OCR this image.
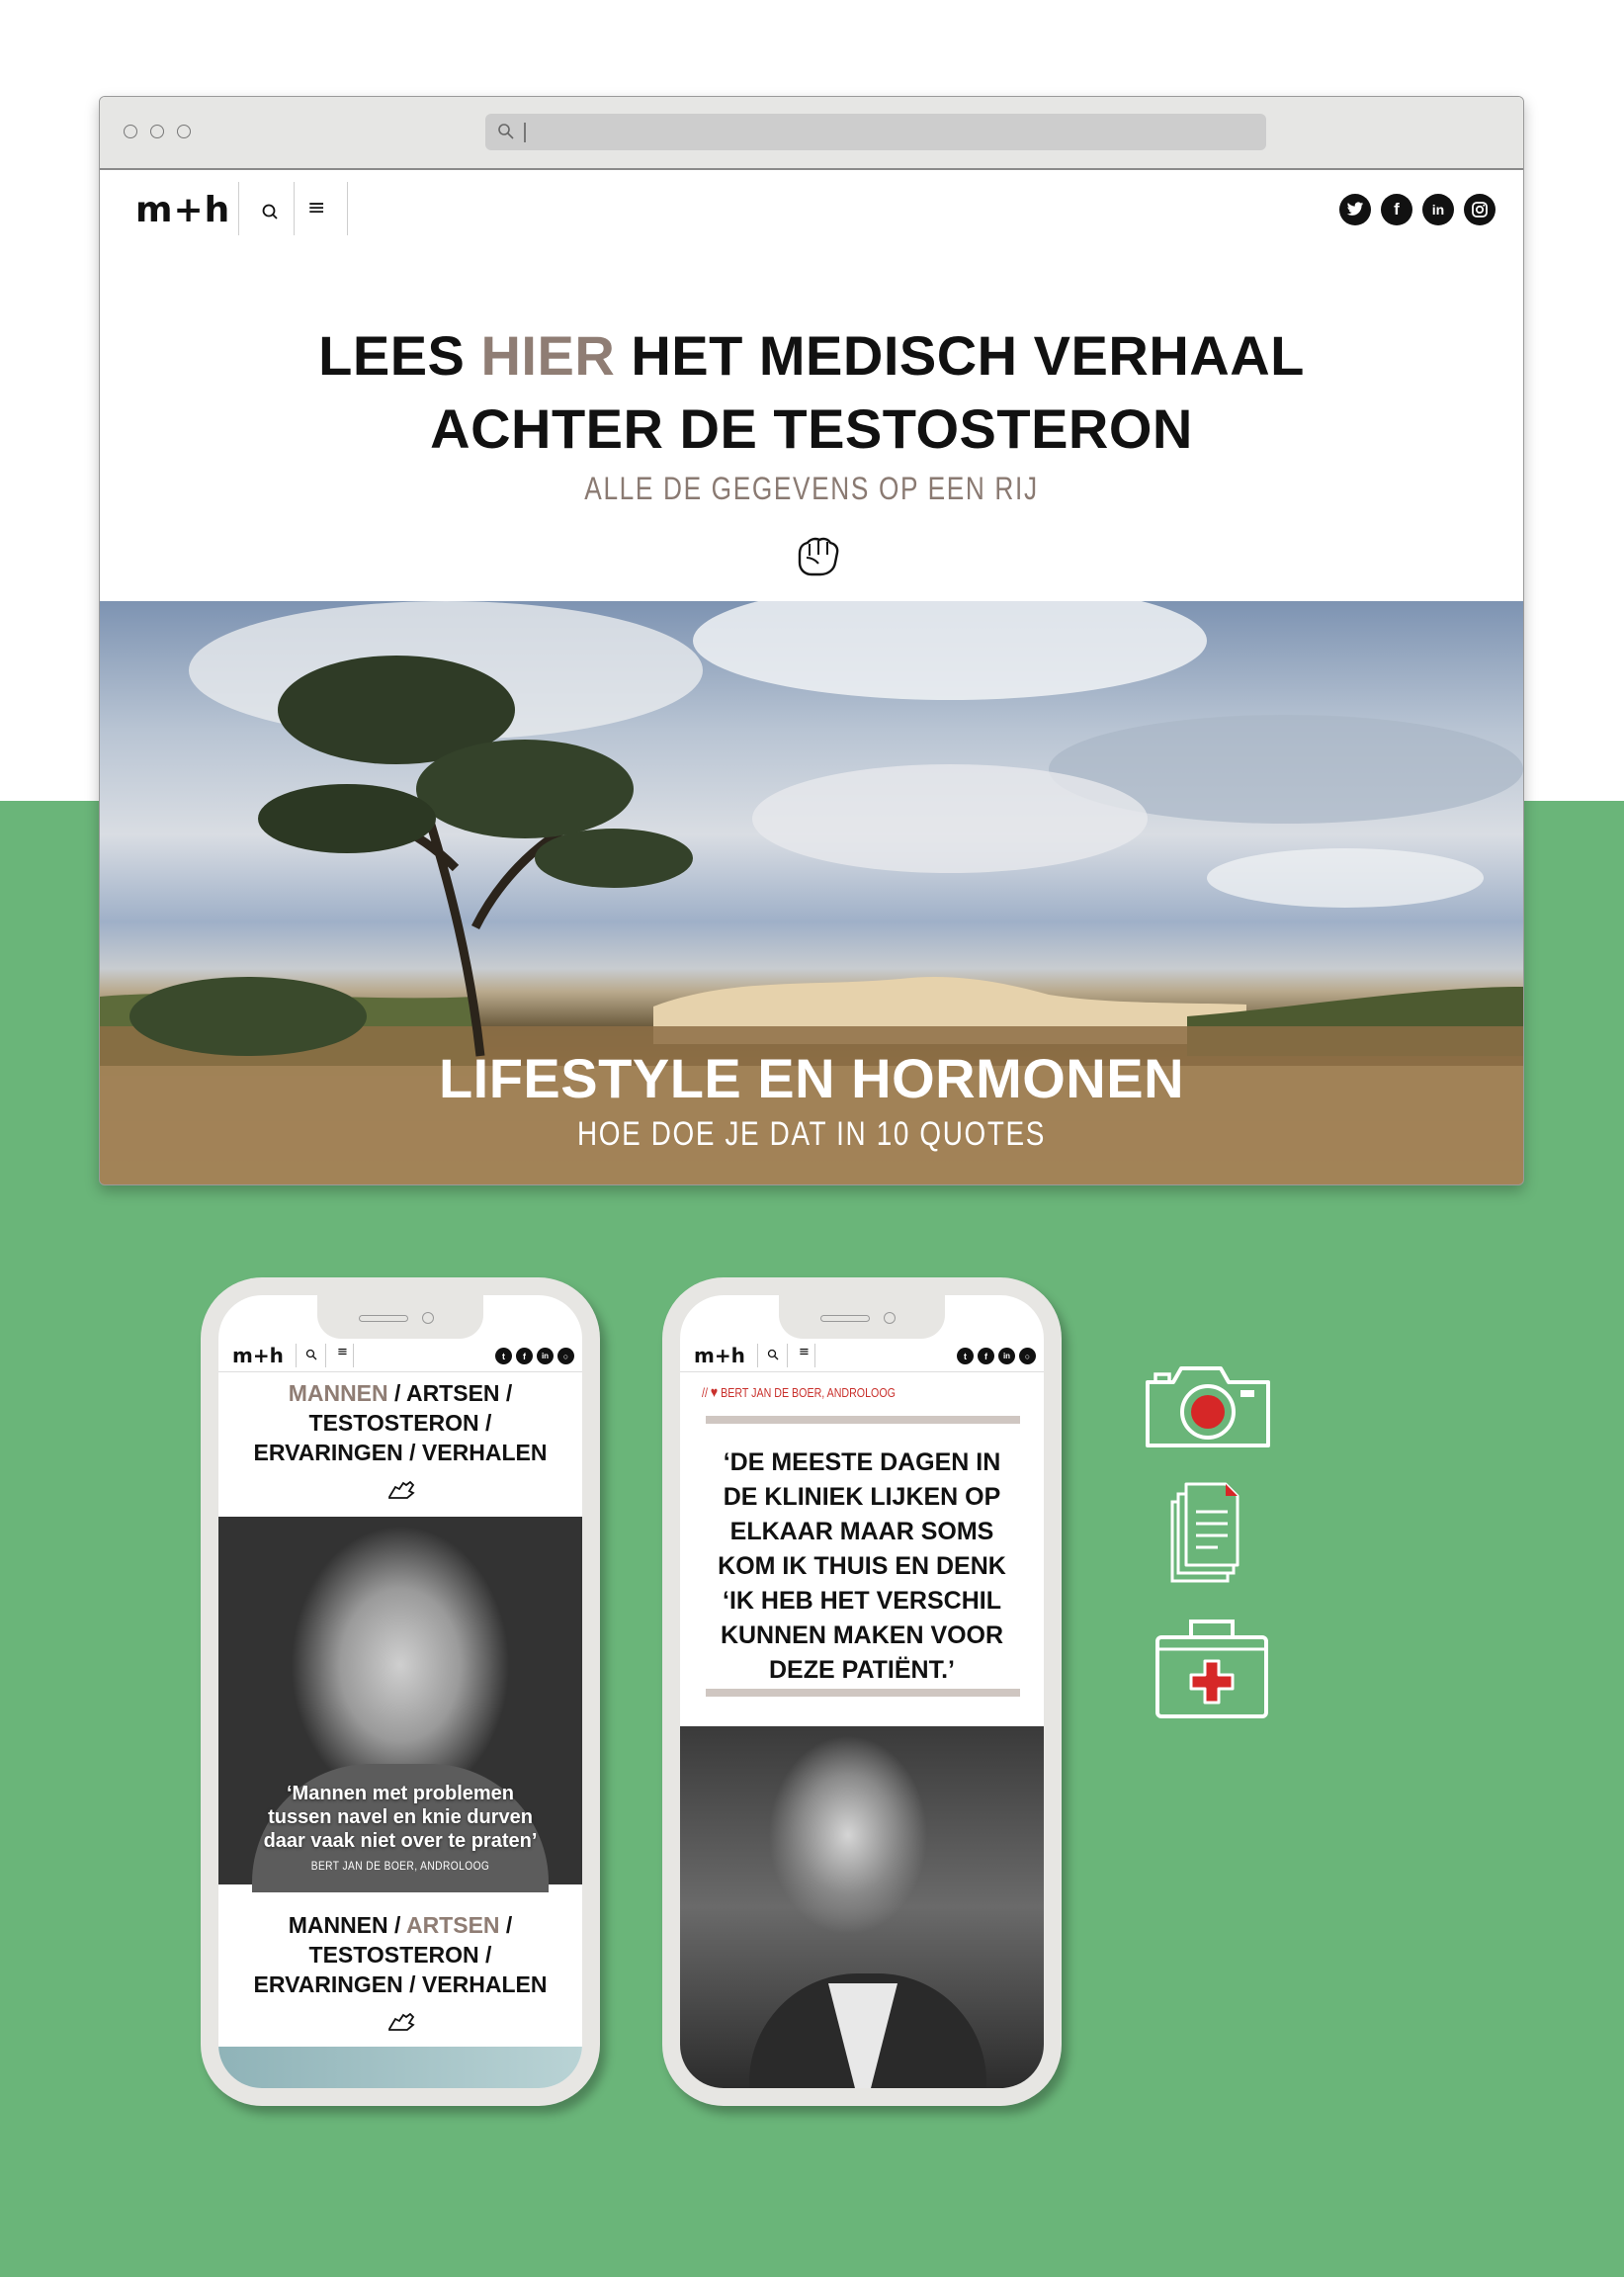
m+h	≡	f	in
LEES HIER HET MEDISCH VERHAAL
ACHTER DE TESTOSTERON
ALLE DE GEGEVENS OP EEN RIJ
LIFESTYLE EN HORMONEN
HOE DOE JE DAT IN 10 QUOTES
m+h	≡	t	f	in	○
MANNEN / ARTSEN /
TESTOSTERON /
ERVARINGEN / VERHALEN
‘Mannen met problemen
tussen navel en knie durven
daar vaak niet over te praten’
BERT JAN DE BOER, ANDROLOOG
MANNEN / ARTSEN /
TESTOSTERON /
ERVARINGEN / VERHALEN
m+h	≡	t	f	in	○
// ♥ BERT JAN DE BOER, ANDROLOOG
‘DE MEESTE DAGEN IN
DE KLINIEK LIJKEN OP
ELKAAR MAAR SOMS
KOM IK THUIS EN DENK
‘IK HEB HET VERSCHIL
KUNNEN MAKEN VOOR
DEZE PATIËNT.’
